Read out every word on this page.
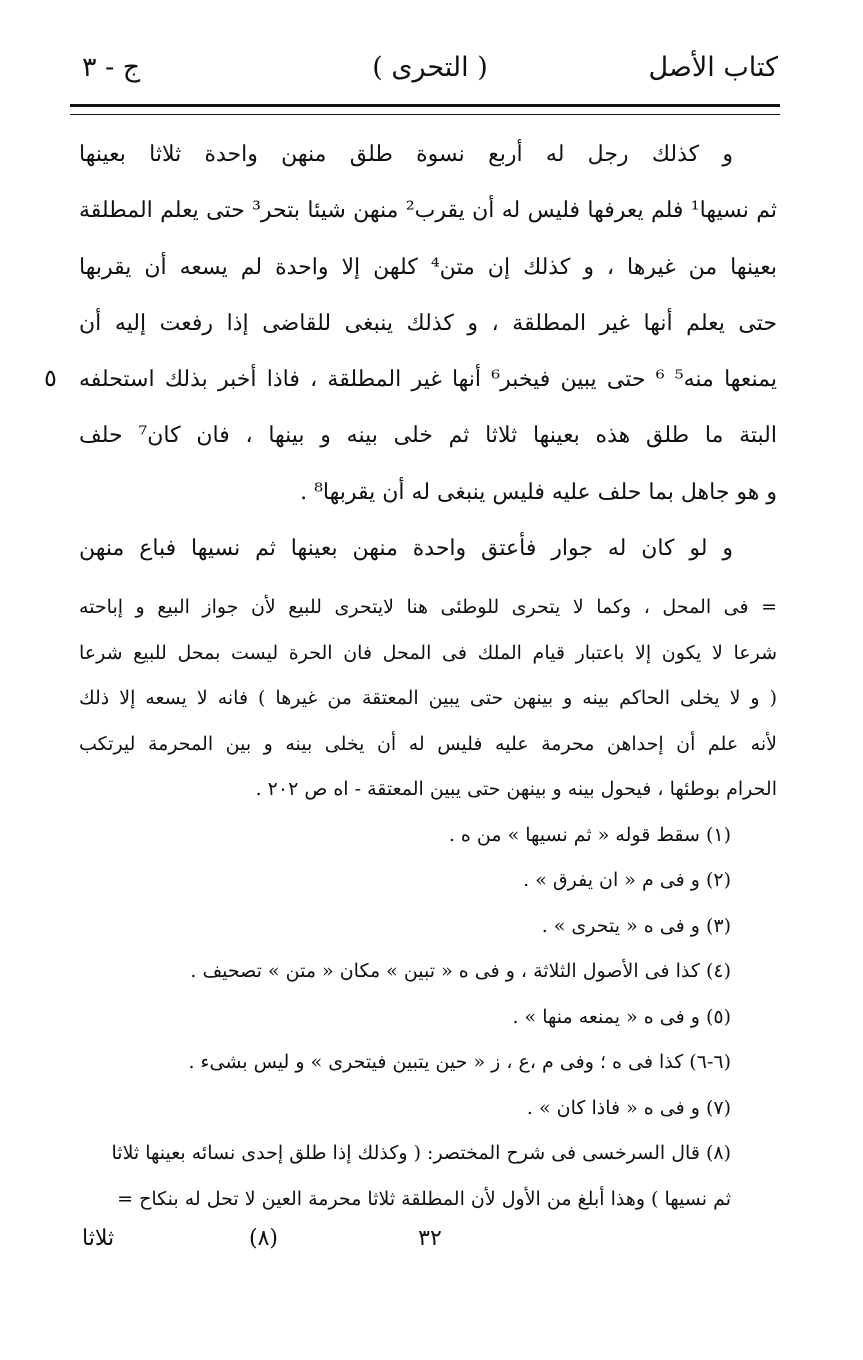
كتاب الأصل
( التحرى )
ج - ٣
و كذلك رجل له أربع نسوة طلق منهن واحدة ثلاثا بعينها
ثم نسيها¹ فلم يعرفها فليس له أن يقرب² منهن شيئا بتحر³ حتى يعلم المطلقة
بعينها من غيرها ، و كذلك إن متن⁴ كلهن إلا واحدة لم يسعه أن يقربها
حتى يعلم أنها غير المطلقة ، و كذلك ينبغى للقاضى إذا رفعت إليه أن
يمنعها منه⁵ ⁶ حتى يبين فيخبر⁶ أنها غير المطلقة ، فاذا أخبر بذلك استحلفه
البتة ما طلق هذه بعينها ثلاثا ثم خلى بينه و بينها ، فان كان⁷ حلف
و هو جاهل بما حلف عليه فليس ينبغى له أن يقربها⁸ .
و لو كان له جوار فأعتق واحدة منهن بعينها ثم نسيها فباع منهن
٥
= فى المحل ، وكما لا يتحرى للوطئى هنا لايتحرى للبيع لأن جواز البيع و إباحته
شرعا لا يكون إلا باعتبار قيام الملك فى المحل فان الحرة ليست بمحل للبيع شرعا
( و لا يخلى الحاكم بينه و بينهن حتى يبين المعتقة من غيرها ) فانه لا يسعه إلا ذلك
لأنه علم أن إحداهن محرمة عليه فليس له أن يخلى بينه و بين المحرمة ليرتكب
الحرام بوطئها ، فيحول بينه و بينهن حتى يبين المعتقة - اه ص ٢٠٢ .
(١) سقط قوله « ثم نسيها » من ه .
(٢) و فى م « ان يفرق » .
(٣) و فى ه « يتحرى » .
(٤) كذا فى الأصول الثلاثة ، و فى ه « تبين » مكان « متن » تصحيف .
(٥) و فى ه « يمنعه منها » .
(٦-٦) كذا فى ه ؛ وفى م ،ع ، ز « حين يتبين فيتحرى » و ليس بشىء .
(٧) و فى ه « فاذا كان » .
(٨) قال السرخسى فى شرح المختصر: ( وكذلك إذا طلق إحدى نسائه بعينها ثلاثا
ثم نسيها ) وهذا أبلغ من الأول لأن المطلقة ثلاثا محرمة العين لا تحل له بنكاح =
٣٢
(٨)
ثلاثا
